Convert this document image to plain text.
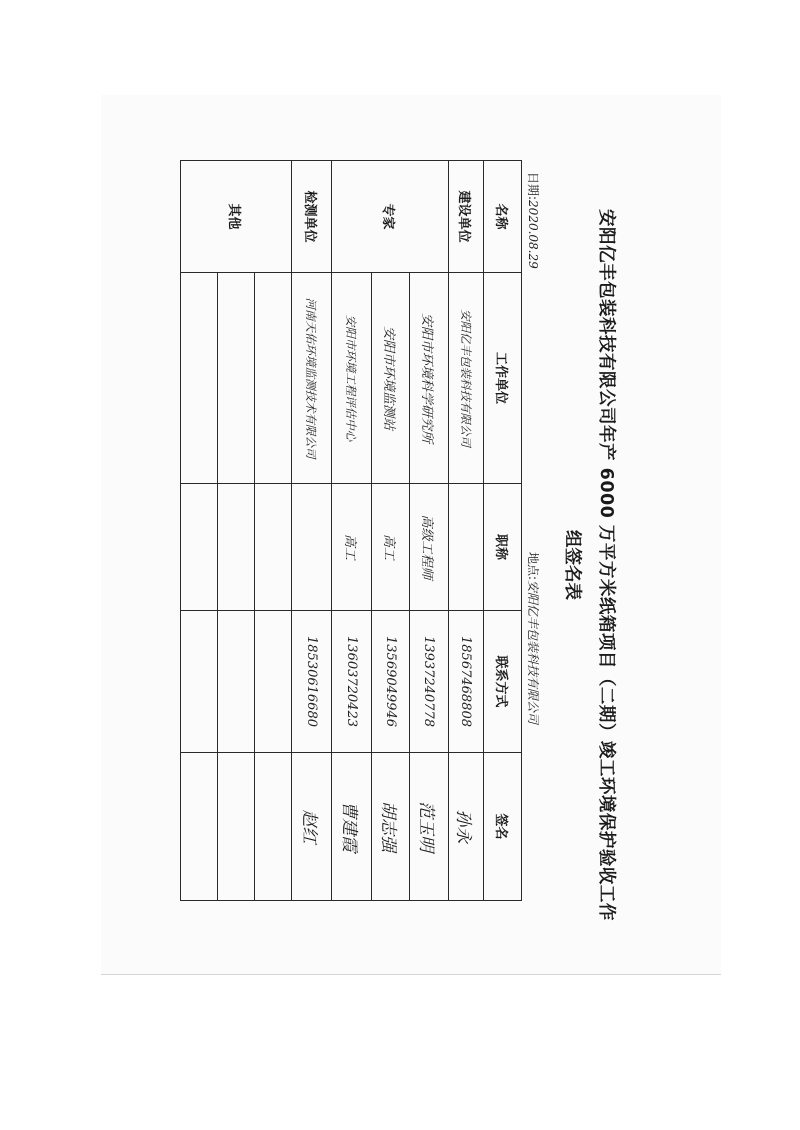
安阳亿丰包装科技有限公司年产 6000 万平方米纸箱项目（二期）竣工环境保护验收工作
组签名表
日期:2020.08.29
地点:安阳亿丰包装科技有限公司
名称	工作单位	职称	联系方式	签名
建设单位	安阳亿丰包装科技有限公司		18567468808	孙永
专家	安阳市环境科学研究所	高级工程师	13937240778	范玉明
	安阳市环境监测站	高工	13569049946	胡志强
	安阳市环境工程评估中心	高工	13603720423	曹建霞
检测单位	河南天佑环境监测技术有限公司		18530616680	赵红
其他				
